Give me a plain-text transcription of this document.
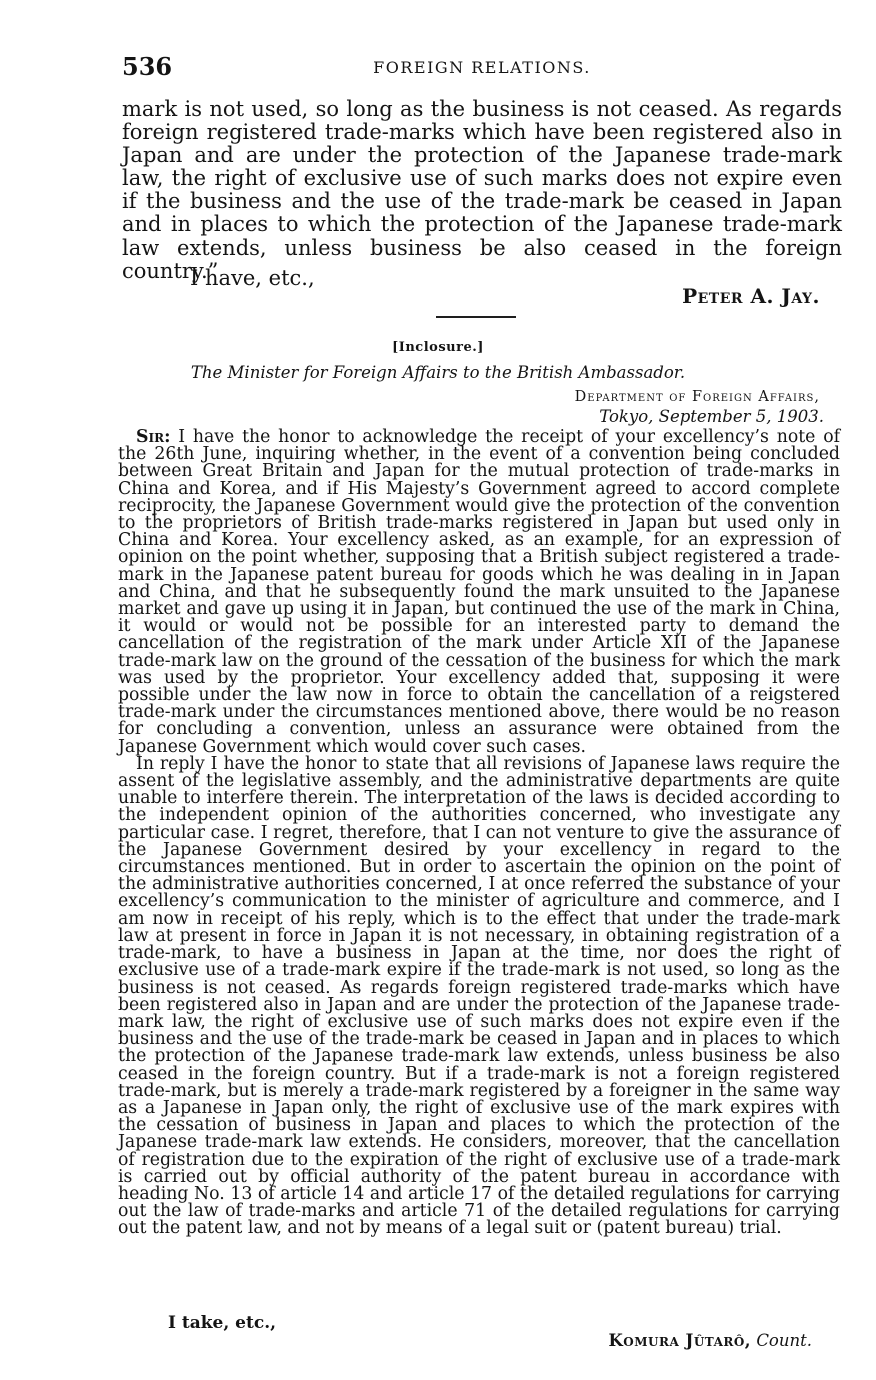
536	FOREIGN RELATIONS.

mark is not used, so long as the business is not ceased. As regards foreign registered trade-marks which have been registered also in Japan and are under the protection of the Japanese trade-mark law, the right of exclusive use of such marks does not expire even if the business and the use of the trade-mark be ceased in Japan and in places to which the protection of the Japanese trade-mark law extends, unless business be also ceased in the foreign country.”

I have, etc.,

Peter A. Jay.
[Inclosure.]
The Minister for Foreign Affairs to the British Ambassador.
Department of Foreign Affairs,
Tokyo, September 5, 1903.

Sir: I have the honor to acknowledge the receipt of your excellency’s note of the 26th June, inquiring whether, in the event of a convention being concluded between Great Britain and Japan for the mutual protection of trade-marks in China and Korea, and if His Majesty’s Government agreed to accord complete reciprocity, the Japanese Government would give the protection of the convention to the proprietors of British trade-marks registered in Japan but used only in China and Korea. Your excellency asked, as an example, for an expression of opinion on the point whether, supposing that a British subject registered a trade-mark in the Japanese patent bureau for goods which he was dealing in in Japan and China, and that he subsequently found the mark unsuited to the Japanese market and gave up using it in Japan, but continued the use of the mark in China, it would or would not be possible for an interested party to demand the cancellation of the registration of the mark under Article XII of the Japanese trade-mark law on the ground of the cessation of the business for which the mark was used by the proprietor. Your excellency added that, supposing it were possible under the law now in force to obtain the cancellation of a reigstered trade-mark under the circumstances mentioned above, there would be no reason for concluding a convention, unless an assurance were obtained from the Japanese Government which would cover such cases.

In reply I have the honor to state that all revisions of Japanese laws require the assent of the legislative assembly, and the administrative departments are quite unable to interfere therein. The interpretation of the laws is decided according to the independent opinion of the authorities concerned, who investigate any particular case. I regret, therefore, that I can not venture to give the assurance of the Japanese Government desired by your excellency in regard to the circumstances mentioned. But in order to ascertain the opinion on the point of the administrative authorities concerned, I at once referred the substance of your excellency’s communication to the minister of agriculture and commerce, and I am now in receipt of his reply, which is to the effect that under the trade-mark law at present in force in Japan it is not necessary, in obtaining registration of a trade-mark, to have a business in Japan at the time, nor does the right of exclusive use of a trade-mark expire if the trade-mark is not used, so long as the business is not ceased. As regards foreign registered trade-marks which have been registered also in Japan and are under the protection of the Japanese trade-mark law, the right of exclusive use of such marks does not expire even if the business and the use of the trade-mark be ceased in Japan and in places to which the protection of the Japanese trade-mark law extends, unless business be also ceased in the foreign country. But if a trade-mark is not a foreign registered trade-mark, but is merely a trade-mark registered by a foreigner in the same way as a Japanese in Japan only, the right of exclusive use of the mark expires with the cessation of business in Japan and places to which the protection of the Japanese trade-mark law extends. He considers, moreover, that the cancellation of registration due to the expiration of the right of exclusive use of a trade-mark is carried out by official authority of the patent bureau in accordance with heading No. 13 of article 14 and article 17 of the detailed regulations for carrying out the law of trade-marks and article 71 of the detailed regulations for carrying out the patent law, and not by means of a legal suit or (patent bureau) trial.

I take, etc.,
Komura Jûtarô, Count.
